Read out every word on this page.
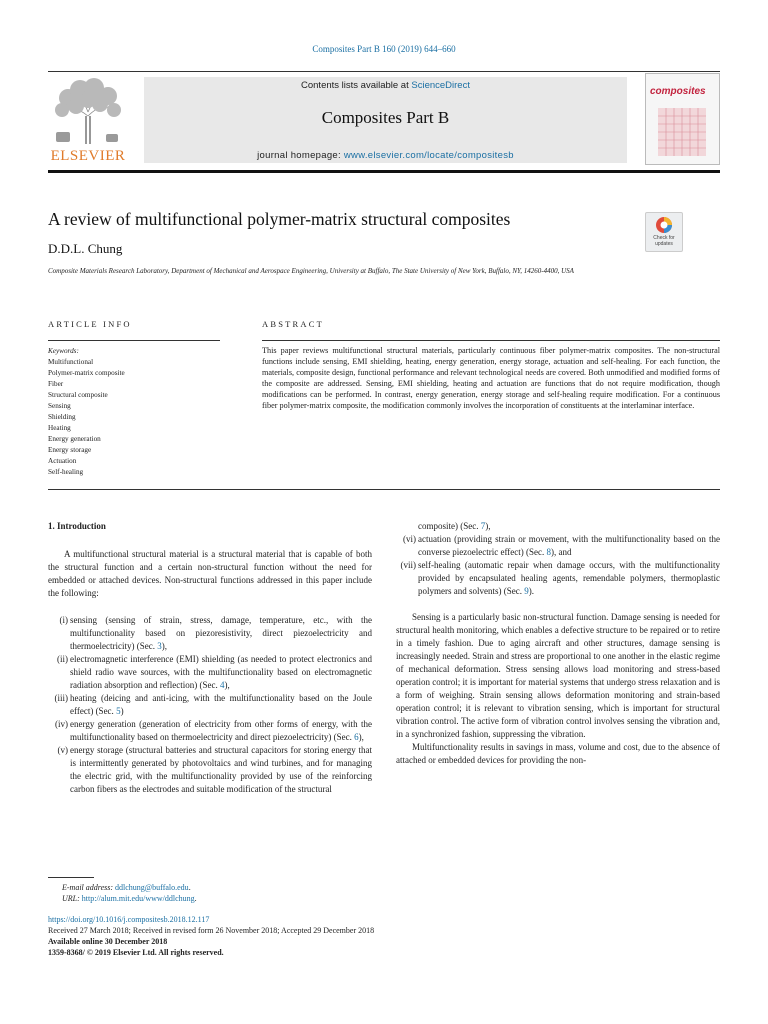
Composites Part B 160 (2019) 644–660
ELSEVIER
Contents lists available at ScienceDirect
Composites Part B
journal homepage: www.elsevier.com/locate/compositesb
composites
A review of multifunctional polymer-matrix structural composites
Check for updates
D.D.L. Chung
Composite Materials Research Laboratory, Department of Mechanical and Aerospace Engineering, University at Buffalo, The State University of New York, Buffalo, NY, 14260-4400, USA
ARTICLE INFO	ABSTRACT
Keywords:
Multifunctional
Polymer-matrix composite
Fiber
Structural composite
Sensing
Shielding
Heating
Energy generation
Energy storage
Actuation
Self-healing
This paper reviews multifunctional structural materials, particularly continuous fiber polymer-matrix composites. The non-structural functions include sensing, EMI shielding, heating, energy generation, energy storage, actuation and self-healing. For each function, the materials, composite design, functional performance and relevant technological needs are covered. Both unmodified and modified forms of the composite are addressed. Sensing, EMI shielding, heating and actuation are functions that do not require modification, though modifications can be performed. In contrast, energy generation, energy storage and self-healing require modification. For a continuous fiber polymer-matrix composite, the modification commonly involves the incorporation of constituents at the interlaminar interface.
1. Introduction

A multifunctional structural material is a structural material that is capable of both the structural function and a certain non-structural function without the need for embedded or attached devices. Non-structural functions addressed in this paper include the following:

(i) sensing (sensing of strain, stress, damage, temperature, etc., with the multifunctionality based on piezoresistivity, direct piezoelectricity and thermoelectricity) (Sec. 3),
(ii) electromagnetic interference (EMI) shielding (as needed to protect electronics and shield radio wave sources, with the multifunctionality based on electromagnetic radiation absorption and reflection) (Sec. 4),
(iii) heating (deicing and anti-icing, with the multifunctionality based on the Joule effect) (Sec. 5)
(iv) energy generation (generation of electricity from other forms of energy, with the multifunctionality based on thermoelectricity and direct piezoelectricity) (Sec. 6),
(v) energy storage (structural batteries and structural capacitors for storing energy that is intermittently generated by photovoltaics and wind turbines, and for managing the electric grid, with the multifunctionality provided by use of the reinforcing carbon fibers as the electrodes and suitable modification of the structural
composite) (Sec. 7),
(vi) actuation (providing strain or movement, with the multifunctionality based on the converse piezoelectric effect) (Sec. 8), and
(vii) self-healing (automatic repair when damage occurs, with the multifunctionality provided by encapsulated healing agents, remendable polymers, thermoplastic polymers and solvents) (Sec. 9).

Sensing is a particularly basic non-structural function. Damage sensing is needed for structural health monitoring, which enables a defective structure to be repaired or to retire in a timely fashion. Due to aging aircraft and other structures, damage sensing is increasingly needed. Strain and stress are proportional to one another in the elastic regime of mechanical deformation. Stress sensing allows load monitoring and stress-based operation control; it is important for material systems that undergo stress relaxation and is a form of weighing. Strain sensing allows deformation monitoring and strain-based operation control; it is relevant to vibration sensing, which is important for structural vibration control. The active form of vibration control involves sensing the vibration and, in a synchronized fashion, suppressing the vibration.

Multifunctionality results in savings in mass, volume and cost, due to the absence of attached or embedded devices for providing the non-

E-mail address: ddlchung@buffalo.edu.
URL: http://alum.mit.edu/www/ddlchung.
https://doi.org/10.1016/j.compositesb.2018.12.117
Received 27 March 2018; Received in revised form 26 November 2018; Accepted 29 December 2018
Available online 30 December 2018
1359-8368/ © 2019 Elsevier Ltd. All rights reserved.
